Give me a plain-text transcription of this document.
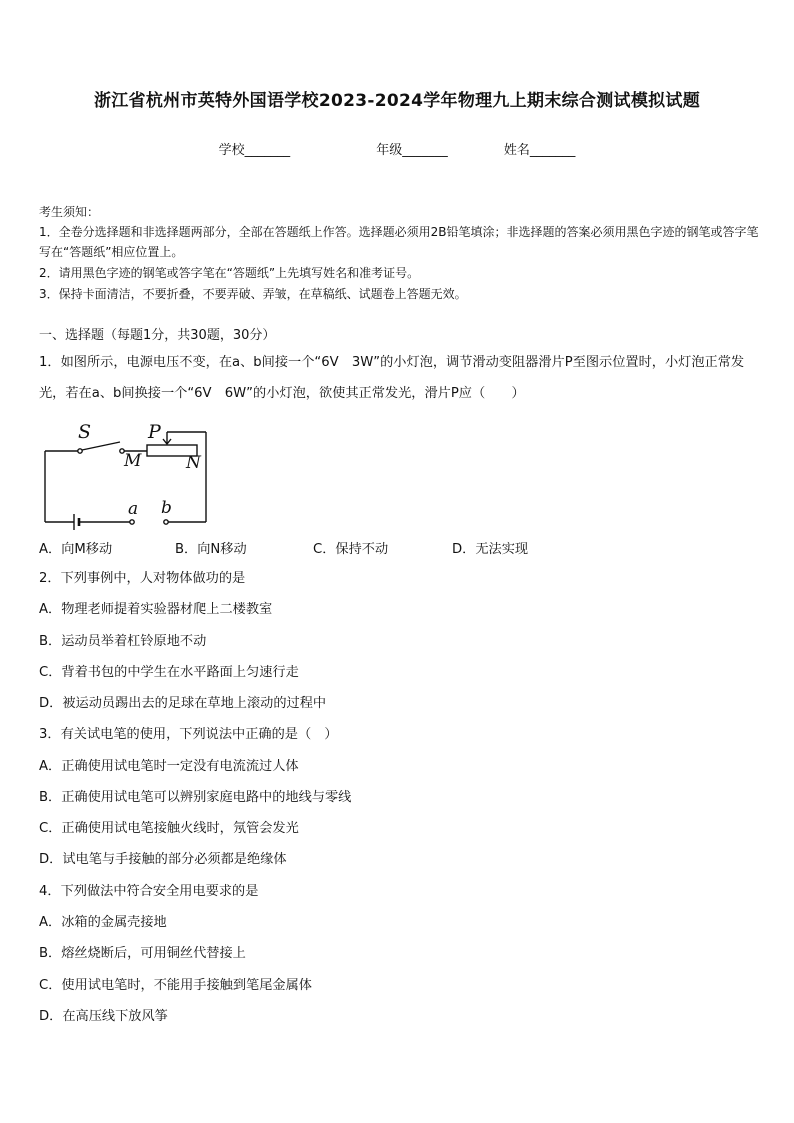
浙江省杭州市英特外国语学校2023-2024学年物理九上期末综合测试模拟试题
学校_______	年级_______	姓名_______
考生须知：
1．全卷分选择题和非选择题两部分，全部在答题纸上作答。选择题必须用2B铅笔填涂；非选择题的答案必须用黑色字迹的钢笔或答字笔写在“答题纸”相应位置上。
2．请用黑色字迹的钢笔或答字笔在“答题纸”上先填写姓名和准考证号。
3．保持卡面清洁，不要折叠，不要弄破、弄皱，在草稿纸、试题卷上答题无效。
一、选择题（每题1分，共30题，30分）
1．如图所示，电源电压不变，在a、b间接一个“6V　3W”的小灯泡，调节滑动变阻器滑片P至图示位置时，小灯泡正常发光，若在a、b间换接一个“6V　6W”的小灯泡，欲使其正常发光，滑片P应（　　）
S	P
M	N
a b
A．向M移动	B．向N移动	C．保持不动	D．无法实现
2．下列事例中，人对物体做功的是
A．物理老师提着实验器材爬上二楼教室
B．运动员举着杠铃原地不动
C．背着书包的中学生在水平路面上匀速行走
D．被运动员踢出去的足球在草地上滚动的过程中
3．有关试电笔的使用，下列说法中正确的是（　）
A．正确使用试电笔时一定没有电流流过人体
B．正确使用试电笔可以辨别家庭电路中的地线与零线
C．正确使用试电笔接触火线时，氖管会发光
D．试电笔与手接触的部分必须都是绝缘体
4．下列做法中符合安全用电要求的是
A．冰箱的金属壳接地
B．熔丝烧断后，可用铜丝代替接上
C．使用试电笔时，不能用手接触到笔尾金属体
D．在高压线下放风筝
